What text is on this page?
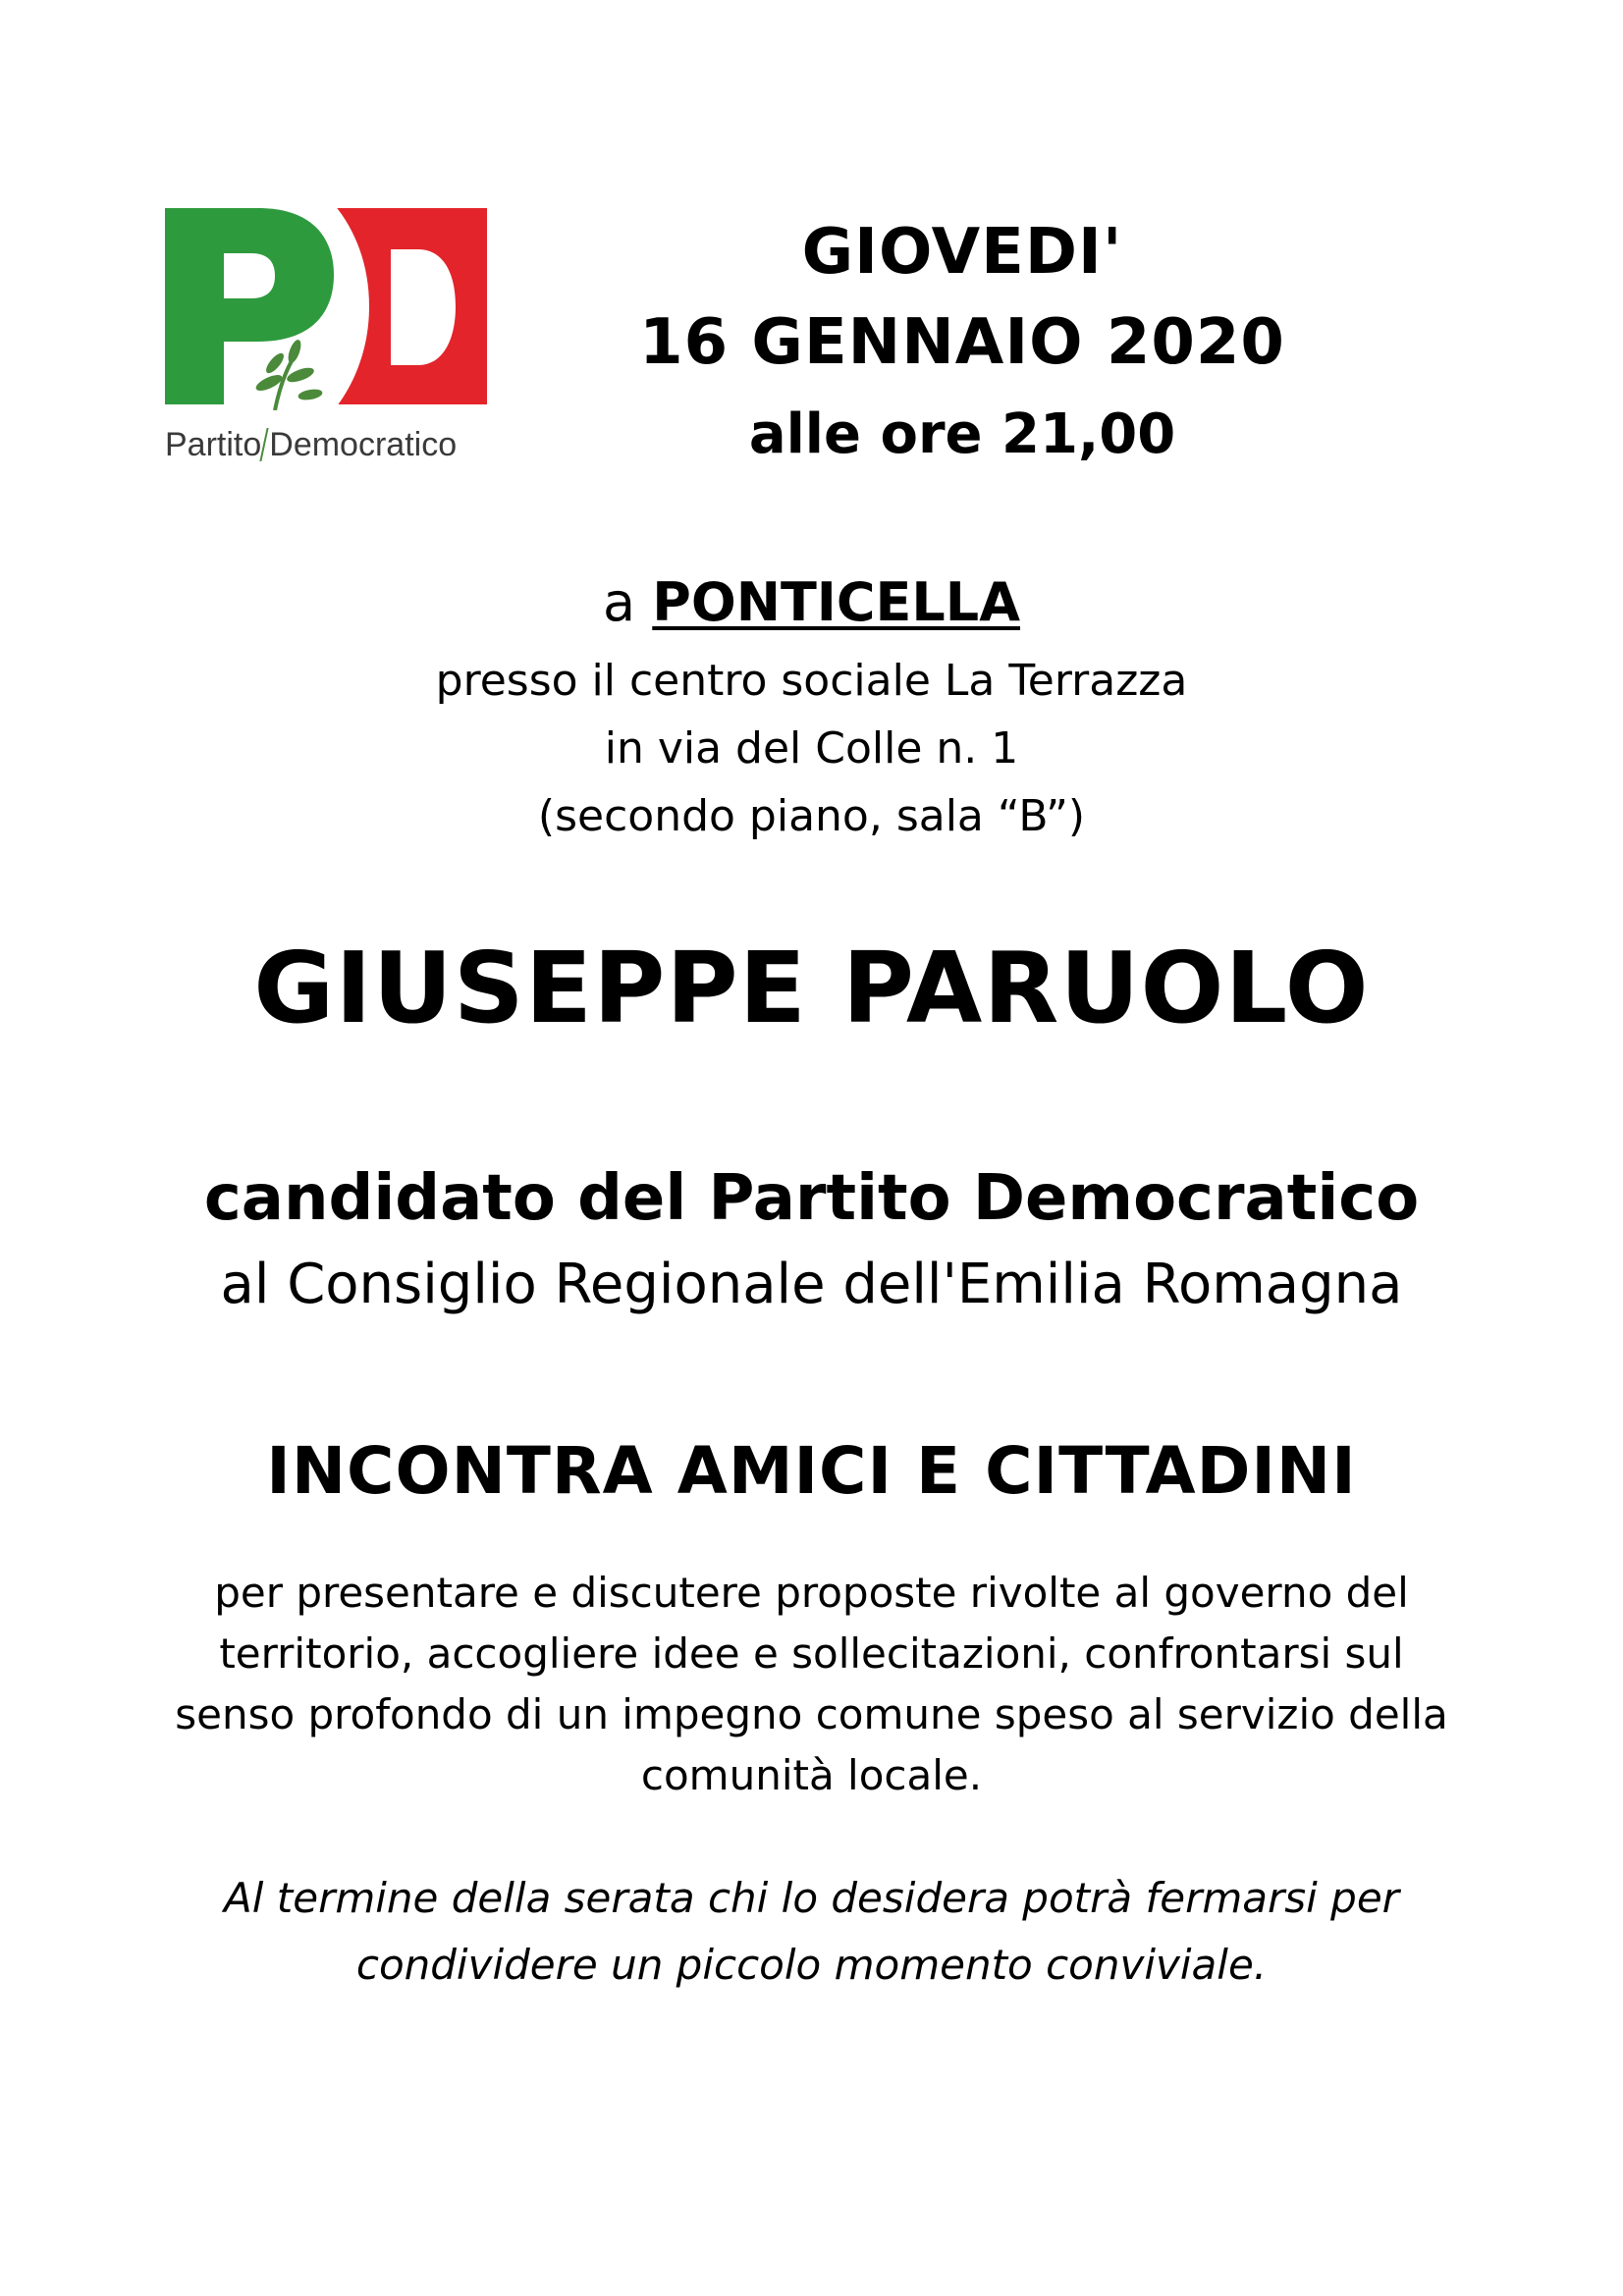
Partito Democratico
GIOVEDI'
16 GENNAIO 2020
alle ore 21,00
a PONTICELLA
presso il centro sociale La Terrazza
in via del Colle n. 1
(secondo piano, sala “B”)
GIUSEPPE PARUOLO
candidato del Partito Democratico
al Consiglio Regionale dell'Emilia Romagna
INCONTRA AMICI E CITTADINI
per presentare e discutere proposte rivolte al governo del
territorio, accogliere idee e sollecitazioni, confrontarsi sul
senso profondo di un impegno comune speso al servizio della
comunità locale.
Al termine della serata chi lo desidera potrà fermarsi per
condividere un piccolo momento conviviale.
